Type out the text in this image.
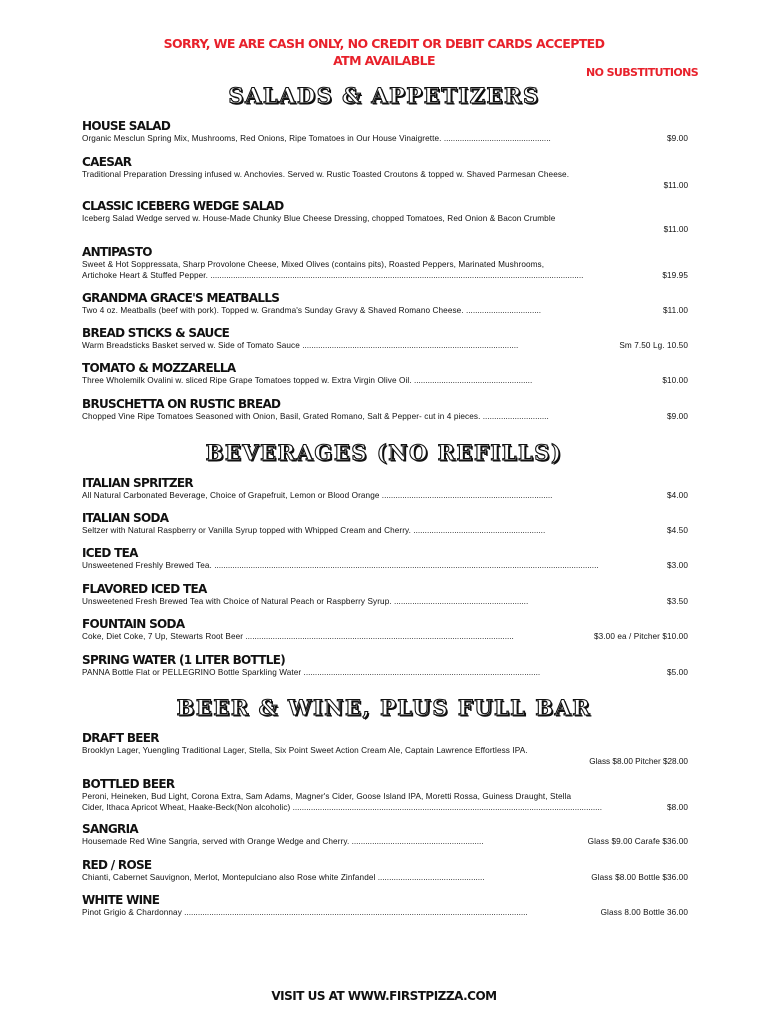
SORRY, WE ARE CASH ONLY, NO CREDIT OR DEBIT CARDS ACCEPTED
ATM AVAILABLE
NO SUBSTITUTIONS
SALADS & APPETIZERS
HOUSE SALAD
Organic Mesclun Spring Mix, Mushrooms, Red Onions, Ripe Tomatoes in Our House Vinaigrette. ...............................................	$9.00
CAESAR
Traditional Preparation Dressing infused w. Anchovies. Served w. Rustic Toasted Croutons & topped w. Shaved Parmesan Cheese.
$11.00
CLASSIC ICEBERG WEDGE SALAD
Iceberg Salad Wedge served w. House-Made Chunky Blue Cheese Dressing, chopped Tomatoes, Red Onion & Bacon Crumble
$11.00
ANTIPASTO
Sweet & Hot Soppressata, Sharp Provolone Cheese, Mixed Olives (contains pits), Roasted Peppers, Marinated Mushrooms,
Artichoke Heart & Stuffed Pepper. ....................................................................................................................................................................	$19.95
GRANDMA GRACE'S MEATBALLS
Two 4 oz. Meatballs (beef with pork). Topped w. Grandma's Sunday Gravy & Shaved Romano Cheese. .................................	$11.00
BREAD STICKS & SAUCE
Warm Breadsticks Basket served w. Side of Tomato Sauce ...............................................................................................	Sm 7.50 Lg. 10.50
TOMATO & MOZZARELLA
Three Wholemilk Ovalini w. sliced Ripe Grape Tomatoes topped w. Extra Virgin Olive Oil. ....................................................	$10.00
BRUSCHETTA ON RUSTIC BREAD
Chopped Vine Ripe Tomatoes Seasoned with Onion, Basil, Grated Romano, Salt & Pepper- cut in 4 pieces. .............................	$9.00
BEVERAGES (NO REFILLS)
ITALIAN SPRITZER
All Natural Carbonated Beverage, Choice of Grapefruit, Lemon or Blood Orange ...........................................................................	$4.00
ITALIAN SODA
Seltzer with Natural Raspberry or Vanilla Syrup topped with Whipped Cream and Cherry. ..........................................................	$4.50
ICED TEA
Unsweetened Freshly Brewed Tea. .........................................................................................................................................................................	$3.00
FLAVORED ICED TEA
Unsweetened Fresh Brewed Tea with Choice of Natural Peach or Raspberry Syrup. ...........................................................	$3.50
FOUNTAIN SODA
Coke, Diet Coke, 7 Up, Stewarts Root Beer ......................................................................................................................	$3.00 ea / Pitcher $10.00
SPRING WATER (1 LITER BOTTLE)
PANNA Bottle Flat or PELLEGRINO Bottle Sparkling Water ........................................................................................................	$5.00
BEER & WINE, PLUS FULL BAR
DRAFT BEER
Brooklyn Lager, Yuengling Traditional Lager, Stella, Six Point Sweet Action Cream Ale, Captain Lawrence Effortless IPA.
Glass $8.00 Pitcher $28.00
BOTTLED BEER
Peroni, Heineken, Bud Light, Corona Extra, Sam Adams, Magner's Cider, Goose Island IPA, Moretti Rossa, Guiness Draught, Stella
Cider, Ithaca Apricot Wheat, Haake-Beck(Non alcoholic) ........................................................................................................................................	$8.00
SANGRIA
Housemade Red Wine Sangria, served with Orange Wedge and Cherry. ..........................................................	Glass $9.00 Carafe $36.00
RED / ROSE
Chianti, Cabernet Sauvignon, Merlot, Montepulciano also Rose white Zinfandel ...............................................	Glass $8.00 Bottle $36.00
WHITE WINE
Pinot Grigio & Chardonnay .......................................................................................................................................................	Glass 8.00 Bottle 36.00
VISIT US AT WWW.FIRSTPIZZA.COM
